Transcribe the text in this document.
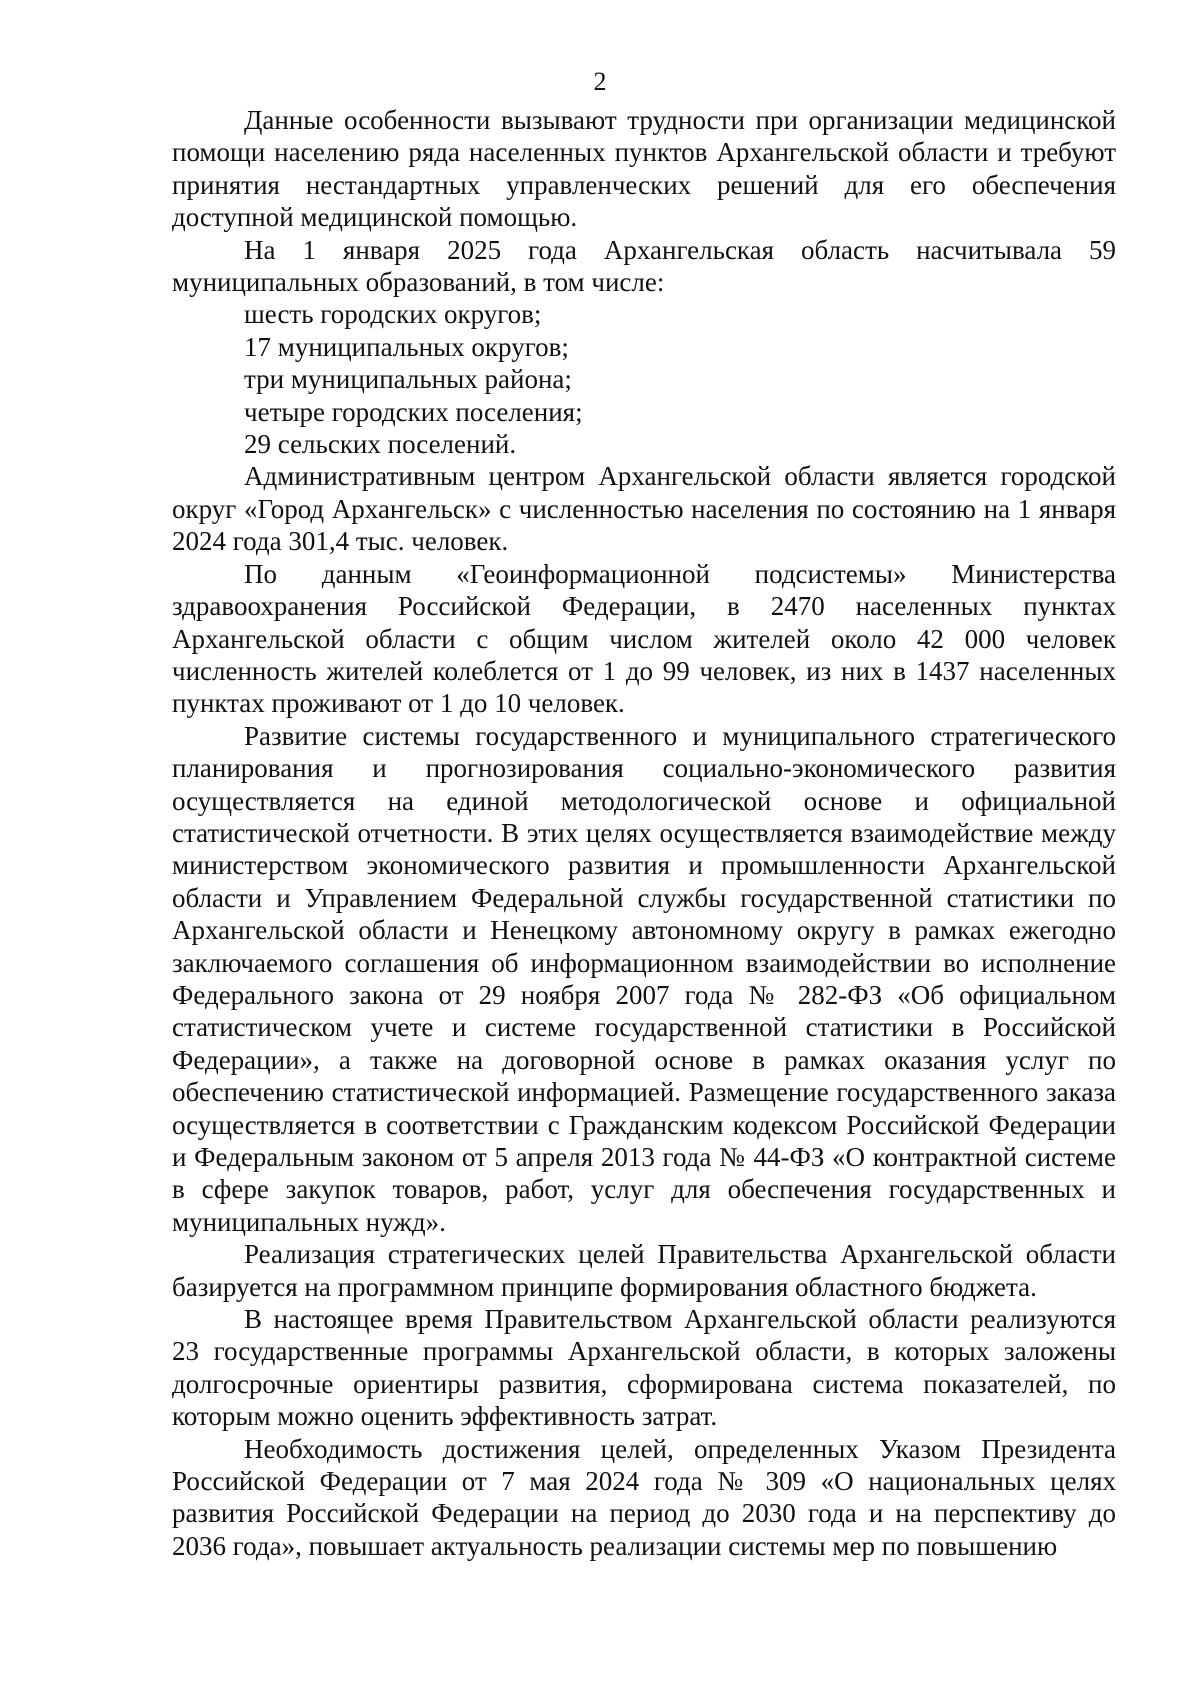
2

Данные особенности вызывают трудности при организации медицинской помощи населению ряда населенных пунктов Архангельской области и требуют принятия нестандартных управленческих решений для его обеспечения доступной медицинской помощью.

На 1 января 2025 года Архангельская область насчитывала 59 муниципальных образований, в том числе:

шесть городских округов;

17 муниципальных округов;

три муниципальных района;

четыре городских поселения;

29 сельских поселений.

Административным центром Архангельской области является городской округ «Город Архангельск» с численностью населения по состоянию на 1 января 2024 года 301,4 тыс. человек.

По данным «Геоинформационной подсистемы» Министерства здравоохранения Российской Федерации, в 2470 населенных пунктах Архангельской области с общим числом жителей около 42 000 человек численность жителей колеблется от 1 до 99 человек, из них в 1437 населенных пунктах проживают от 1 до 10 человек.

Развитие системы государственного и муниципального стратегического планирования и прогнозирования социально-экономического развития осуществляется на единой методологической основе и официальной статистической отчетности. В этих целях осуществляется взаимодействие между министерством экономического развития и промышленности Архангельской области и Управлением Федеральной службы государственной статистики по Архангельской области и Ненецкому автономному округу в рамках ежегодно заключаемого соглашения об информационном взаимодействии во исполнение Федерального закона от 29 ноября 2007 года № 282-ФЗ «Об официальном статистическом учете и системе государственной статистики в Российской Федерации», а также на договорной основе в рамках оказания услуг по обеспечению статистической информацией. Размещение государственного заказа осуществляется в соответствии с Гражданским кодексом Российской Федерации и Федеральным законом от 5 апреля 2013 года № 44-ФЗ «О контрактной системе в сфере закупок товаров, работ, услуг для обеспечения государственных и муниципальных нужд».

Реализация стратегических целей Правительства Архангельской области базируется на программном принципе формирования областного бюджета.

В настоящее время Правительством Архангельской области реализуются 23 государственные программы Архангельской области, в которых заложены долгосрочные ориентиры развития, сформирована система показателей, по которым можно оценить эффективность затрат.

Необходимость достижения целей, определенных Указом Президента Российской Федерации от 7 мая 2024 года № 309 «О национальных целях развития Российской Федерации на период до 2030 года и на перспективу до 2036 года», повышает актуальность реализации системы мер по повышению
